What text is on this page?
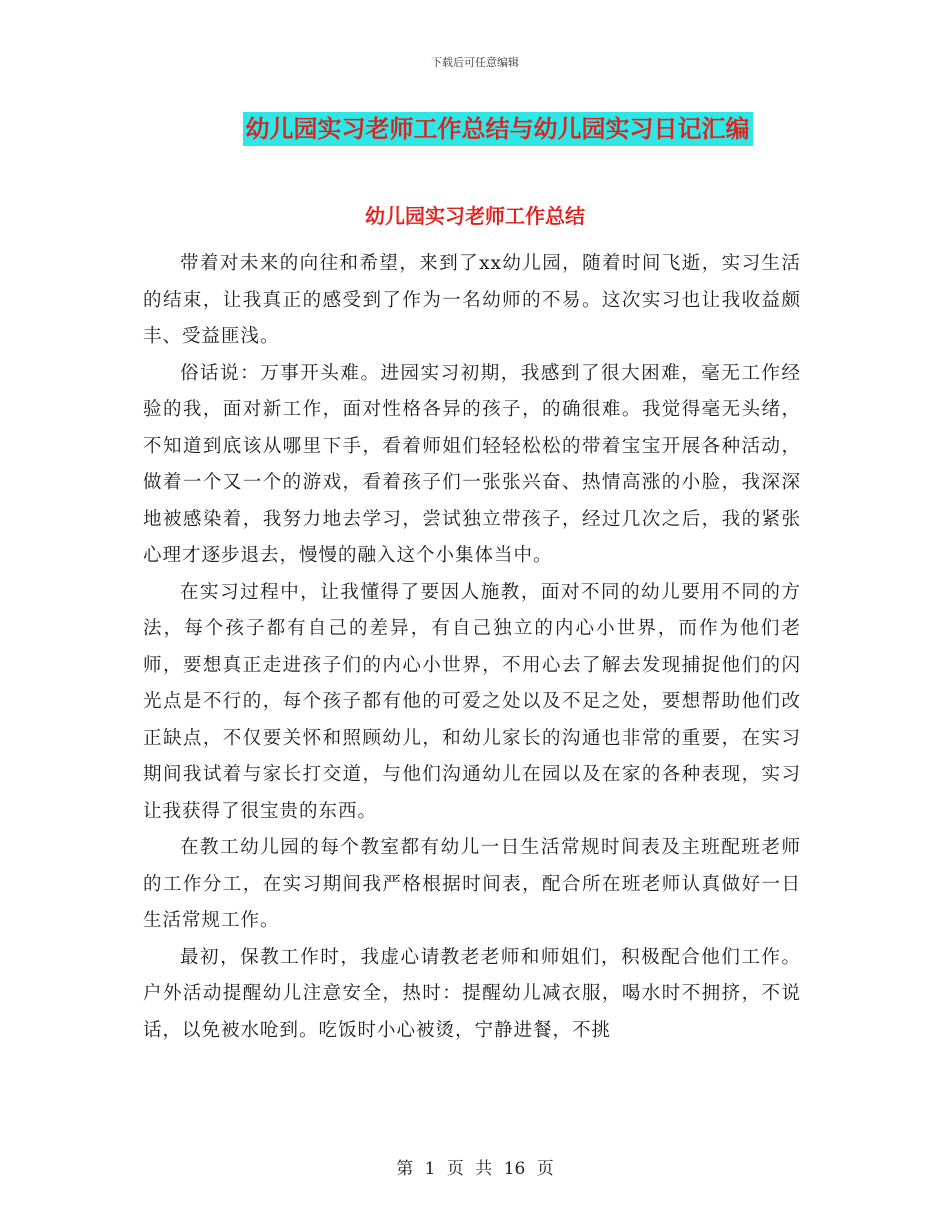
下载后可任意编辑
幼儿园实习老师工作总结与幼儿园实习日记汇编
幼儿园实习老师工作总结

带着对未来的向往和希望，来到了xx幼儿园，随着时间飞逝，实习生活的结束，让我真正的感受到了作为一名幼师的不易。这次实习也让我收益颇丰、受益匪浅。

俗话说：万事开头难。进园实习初期，我感到了很大困难，毫无工作经验的我，面对新工作，面对性格各异的孩子，的确很难。我觉得毫无头绪，不知道到底该从哪里下手，看着师姐们轻轻松松的带着宝宝开展各种活动，做着一个又一个的游戏，看着孩子们一张张兴奋、热情高涨的小脸，我深深地被感染着，我努力地去学习，尝试独立带孩子，经过几次之后，我的紧张心理才逐步退去，慢慢的融入这个小集体当中。

在实习过程中，让我懂得了要因人施教，面对不同的幼儿要用不同的方法，每个孩子都有自己的差异，有自己独立的内心小世界，而作为他们老师，要想真正走进孩子们的内心小世界，不用心去了解去发现捕捉他们的闪光点是不行的，每个孩子都有他的可爱之处以及不足之处，要想帮助他们改正缺点，不仅要关怀和照顾幼儿，和幼儿家长的沟通也非常的重要，在实习期间我试着与家长打交道，与他们沟通幼儿在园以及在家的各种表现，实习让我获得了很宝贵的东西。

在教工幼儿园的每个教室都有幼儿一日生活常规时间表及主班配班老师的工作分工，在实习期间我严格根据时间表，配合所在班老师认真做好一日生活常规工作。

最初，保教工作时，我虚心请教老老师和师姐们，积极配合他们工作。户外活动提醒幼儿注意安全，热时：提醒幼儿减衣服，喝水时不拥挤，不说话，以免被水呛到。吃饭时小心被烫，宁静进餐，不挑

第 1 页 共 16 页
